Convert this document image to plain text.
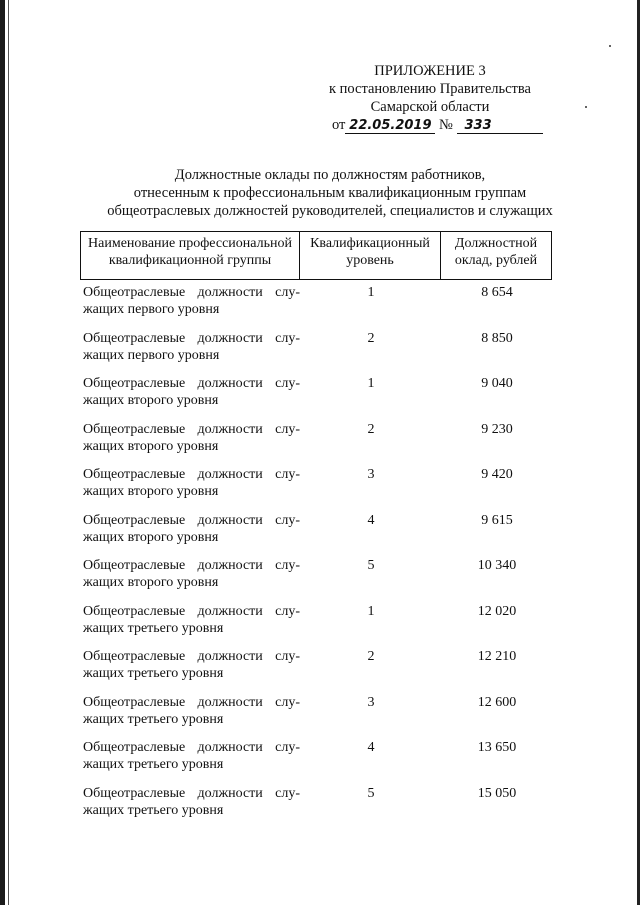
ПРИЛОЖЕНИЕ 3
к постановлению Правительства
Самарской области
от 22.05.2019 № 333
Должностные оклады по должностям работников,
отнесенным к профессиональным квалификационным группам
общеотраслевых должностей руководителей, специалистов и служащих
Наименование профессиональной
квалификационной группы	Квалификационный
уровень	Должностной
оклад, рублей
Общеотраслевые должности слу-
жащих первого уровня
1	8 654
Общеотраслевые должности слу-
жащих первого уровня
2	8 850
Общеотраслевые должности слу-
жащих второго уровня
1	9 040
Общеотраслевые должности слу-
жащих второго уровня
2	9 230
Общеотраслевые должности слу-
жащих второго уровня
3	9 420
Общеотраслевые должности слу-
жащих второго уровня
4	9 615
Общеотраслевые должности слу-
жащих второго уровня
5	10 340
Общеотраслевые должности слу-
жащих третьего уровня
1	12 020
Общеотраслевые должности слу-
жащих третьего уровня
2	12 210
Общеотраслевые должности слу-
жащих третьего уровня
3	12 600
Общеотраслевые должности слу-
жащих третьего уровня
4	13 650
Общеотраслевые должности слу-
жащих третьего уровня
5	15 050
